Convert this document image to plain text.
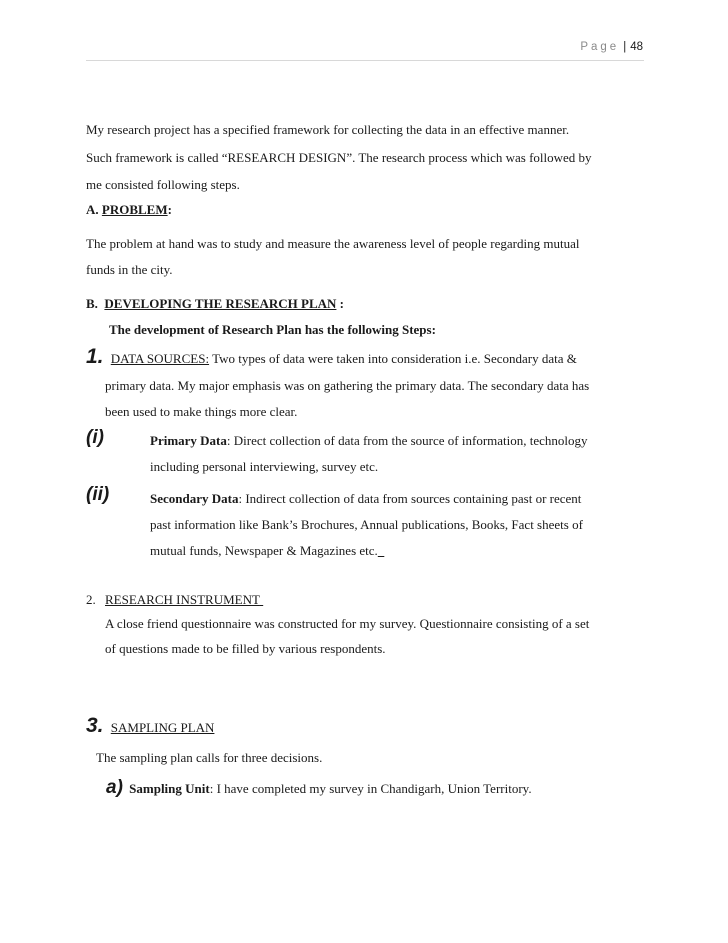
Page | 48
My research project has a specified framework for collecting the data in an effective manner.
Such framework is called “RESEARCH DESIGN”. The research process which was followed by
me consisted following steps.
A. PROBLEM:
The problem at hand was to study and measure the awareness level of people regarding mutual
funds in the city.
B. DEVELOPING THE RESEARCH PLAN :
The development of Research Plan has the following Steps:
1. DATA SOURCES: Two types of data were taken into consideration i.e. Secondary data &
primary data. My major emphasis was on gathering the primary data. The secondary data has
been used to make things more clear.
(i)	Primary Data: Direct collection of data from the source of information, technology
including personal interviewing, survey etc.
(ii)	Secondary Data: Indirect collection of data from sources containing past or recent
past information like Bank’s Brochures, Annual publications, Books, Fact sheets of
mutual funds, Newspaper & Magazines etc.
2. RESEARCH INSTRUMENT
A close friend questionnaire was constructed for my survey. Questionnaire consisting of a set
of questions made to be filled by various respondents.
3. SAMPLING PLAN
The sampling plan calls for three decisions.
a) Sampling Unit: I have completed my survey in Chandigarh, Union Territory.
